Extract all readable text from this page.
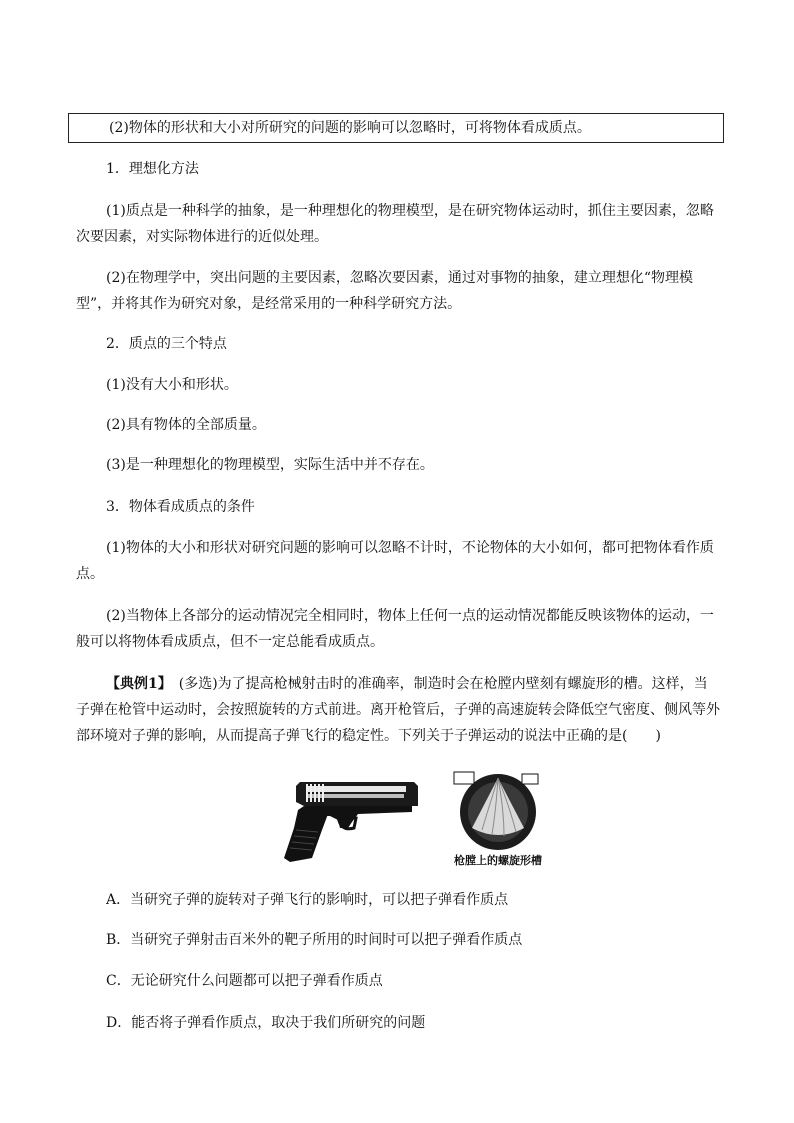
(2)物体的形状和大小对所研究的问题的影响可以忽略时，可将物体看成质点。
1．理想化方法
(1)质点是一种科学的抽象，是一种理想化的物理模型，是在研究物体运动时，抓住主要因素，忽略
次要因素，对实际物体进行的近似处理。
(2)在物理学中，突出问题的主要因素，忽略次要因素，通过对事物的抽象，建立理想化“物理模
型”，并将其作为研究对象，是经常采用的一种科学研究方法。
2．质点的三个特点
(1)没有大小和形状。
(2)具有物体的全部质量。
(3)是一种理想化的物理模型，实际生活中并不存在。
3．物体看成质点的条件
(1)物体的大小和形状对研究问题的影响可以忽略不计时，不论物体的大小如何，都可把物体看作质
点。
(2)当物体上各部分的运动情况完全相同时，物体上任何一点的运动情况都能反映该物体的运动，一
般可以将物体看成质点，但不一定总能看成质点。
【典例1】　(多选)为了提高枪械射击时的准确率，制造时会在枪膛内壁刻有螺旋形的槽。这样，当
子弹在枪管中运动时，会按照旋转的方式前进。离开枪管后，子弹的高速旋转会降低空气密度、侧风等外
部环境对子弹的影响，从而提高子弹飞行的稳定性。下列关于子弹运动的说法中正确的是(　　)
枪膛上的螺旋形槽
A．当研究子弹的旋转对子弹飞行的影响时，可以把子弹看作质点
B．当研究子弹射击百米外的靶子所用的时间时可以把子弹看作质点
C．无论研究什么问题都可以把子弹看作质点
D．能否将子弹看作质点，取决于我们所研究的问题
